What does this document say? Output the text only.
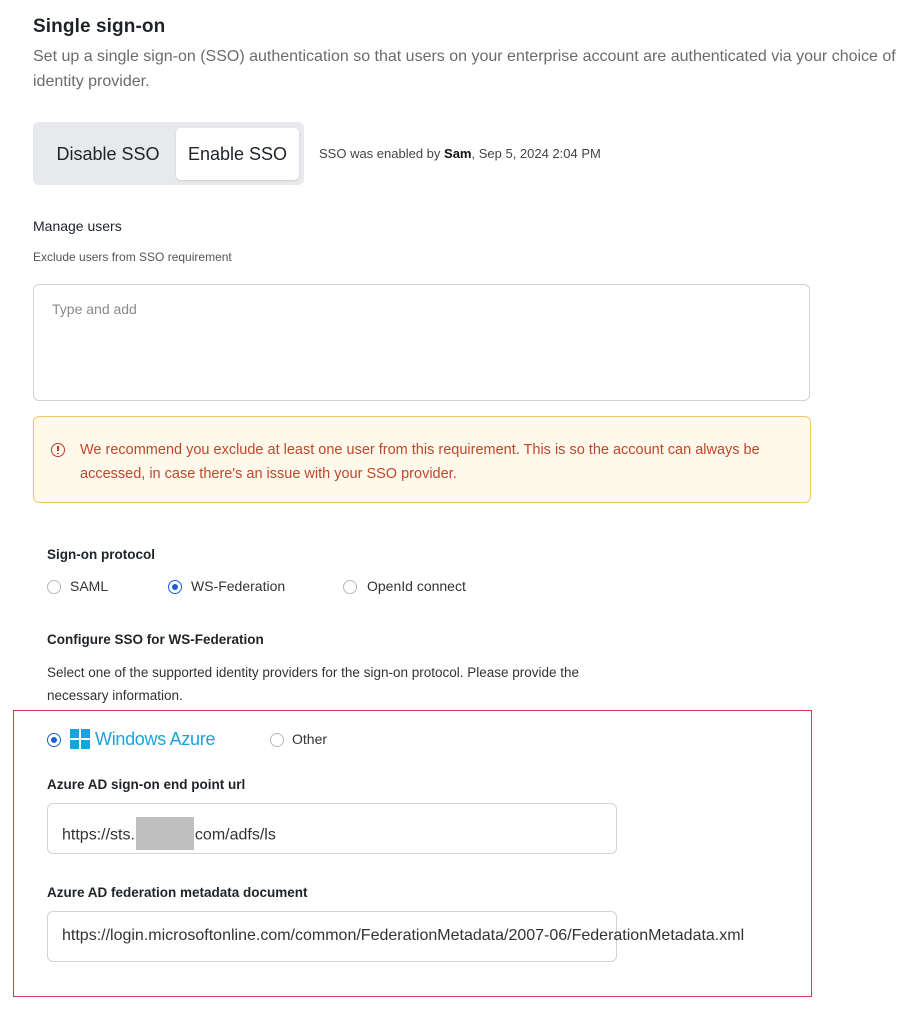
Single sign-on
Set up a single sign-on (SSO) authentication so that users on your enterprise account are authenticated via your choice of identity provider.
Disable SSO	Enable SSO	SSO was enabled by Sam, Sep 5, 2024 2:04 PM
Manage users
Exclude users from SSO requirement
Type and add
We recommend you exclude at least one user from this requirement. This is so the account can always be accessed, in case there's an issue with your SSO provider.
Sign-on protocol
SAML	WS-Federation	OpenId connect
Configure SSO for WS-Federation
Select one of the supported identity providers for the sign-on protocol. Please provide the necessary information.
Windows Azure	Other
Azure AD sign-on end point url
https://sts.	com/adfs/ls
Azure AD federation metadata document
https://login.microsoftonline.com/common/FederationMetadata/2007-06/FederationMetadata.xml
